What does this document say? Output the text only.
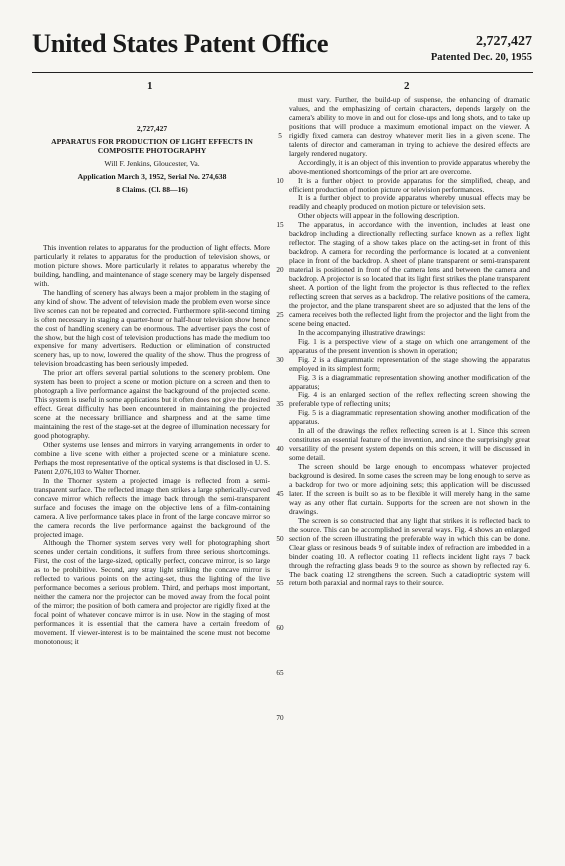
United States Patent Office	2,727,427
Patented Dec. 20, 1955
1	2
2,727,427
APPARATUS FOR PRODUCTION OF LIGHT EFFECTS IN COMPOSITE PHOTOGRAPHY
Will F. Jenkins, Gloucester, Va.
Application March 3, 1952, Serial No. 274,638
8 Claims. (Cl. 88—16)

This invention relates to apparatus for the production of light effects. More particularly it relates to apparatus for the production of television shows, or motion picture shows. More particularly it relates to apparatus whereby the building, handling, and maintenance of stage scenery may be largely dispensed with.

The handling of scenery has always been a major problem in the staging of any kind of show. The advent of television made the problem even worse since live scenes can not be repeated and corrected. Furthermore split-second timing is often necessary in staging a quarter-hour or half-hour television show hence the cost of handling scenery can be enormous. The advertiser pays the cost of the show, but the high cost of television productions has made the medium too expensive for many advertisers. Reduction or elimination of constructed scenery has, up to now, lowered the quality of the show. Thus the progress of television broadcasting has been seriously impeded.

The prior art offers several partial solutions to the scenery problem. One system has been to project a scene or motion picture on a screen and then to photograph a live performance against the background of the projected scene. This system is useful in some applications but it often does not give the desired effect. Great difficulty has been encountered in maintaining the projected scene at the necessary brilliance and sharpness and at the same time maintaining the rest of the stage-set at the degree of illumination necessary for good photography.

Other systems use lenses and mirrors in varying arrangements in order to combine a live scene with either a projected scene or a miniature scene. Perhaps the most representative of the optical systems is that disclosed in U. S. Patent 2,076,103 to Walter Thorner.

In the Thorner system a projected image is reflected from a semi-transparent surface. The reflected image then strikes a large spherically-curved concave mirror which reflects the image back through the semi-transparent surface and focuses the image on the objective lens of a film-containing camera. A live performance takes place in front of the large concave mirror so the camera records the live performance against the background of the projected image.

Although the Thorner system serves very well for photographing short scenes under certain conditions, it suffers from three serious shortcomings. First, the cost of the large-sized, optically perfect, concave mirror, is so large as to be prohibitive. Second, any stray light striking the concave mirror is reflected to various points on the acting-set, thus the lighting of the live performance becomes a serious problem. Third, and perhaps most important, neither the camera nor the projector can be moved away from the focal point of the mirror; the position of both camera and projector are rigidly fixed at the focal point of whatever concave mirror is in use. Now in the staging of most performances it is essential that the camera have a certain freedom of movement. If viewer-interest is to be maintained the scene must not become monotonous; it

5
10
15
20
25
30
35
40
45
50
55
60
65
70

must vary. Further, the build-up of suspense, the enhancing of dramatic values, and the emphasizing of certain characters, depends largely on the camera's ability to move in and out for close-ups and long shots, and to take up positions that will produce a maximum emotional impact on the viewer. A rigidly fixed camera can destroy whatever merit lies in a given scene. The talents of director and cameraman in trying to achieve the desired effects are largely rendered nugatory.

Accordingly, it is an object of this invention to provide apparatus whereby the above-mentioned shortcomings of the prior art are overcome.

It is a further object to provide apparatus for the simplified, cheap, and efficient production of motion picture or television performances.

It is a further object to provide apparatus whereby unusual effects may be readily and cheaply produced on motion picture or television sets.

Other objects will appear in the following description.

The apparatus, in accordance with the invention, includes at least one backdrop including a directionally reflecting surface known as a reflex light reflector. The staging of a show takes place on the acting-set in front of this backdrop. A camera for recording the performance is located at a convenient place in front of the backdrop. A sheet of plane transparent or semi-transparent material is positioned in front of the camera lens and between the camera and backdrop. A projector is so located that its light first strikes the plane transparent sheet. A portion of the light from the projector is thus reflected to the reflex reflecting screen that serves as a backdrop. The relative positions of the camera, the projector, and the plane transparent sheet are so adjusted that the lens of the camera receives both the reflected light from the projector and the light from the scene being enacted.

In the accompanying illustrative drawings:

Fig. 1 is a perspective view of a stage on which one arrangement of the apparatus of the present invention is shown in operation;

Fig. 2 is a diagrammatic representation of the stage showing the apparatus employed in its simplest form;

Fig. 3 is a diagrammatic representation showing another modification of the apparatus;

Fig. 4 is an enlarged section of the reflex reflecting screen showing the preferable type of reflecting units;

Fig. 5 is a diagrammatic representation showing another modification of the apparatus.

In all of the drawings the reflex reflecting screen is at 1. Since this screen constitutes an essential feature of the invention, and since the surprisingly great versatility of the present system depends on this screen, it will be discussed in some detail.

The screen should be large enough to encompass whatever projected background is desired. In some cases the screen may be long enough to serve as a backdrop for two or more adjoining sets; this application will be discussed later. If the screen is built so as to be flexible it will merely hang in the same way as any other flat curtain. Supports for the screen are not shown in the drawings.

The screen is so constructed that any light that strikes it is reflected back to the source. This can be accomplished in several ways. Fig. 4 shows an enlarged section of the screen illustrating the preferable way in which this can be done. Clear glass or resinous beads 9 of suitable index of refraction are imbedded in a binder coating 10. A reflector coating 11 reflects incident light rays 7 back through the refracting glass beads 9 to the source as shown by reflected ray 6. The back coating 12 strengthens the screen. Such a catadioptric system will return both paraxial and normal rays to their source.
